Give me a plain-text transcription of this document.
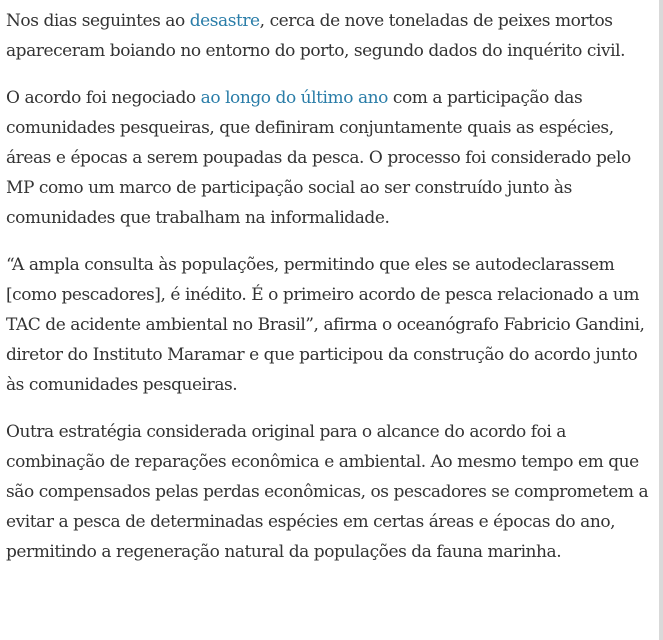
Nos dias seguintes ao desastre, cerca de nove toneladas de peixes mortos apareceram boiando no entorno do porto, segundo dados do inquérito civil.

O acordo foi negociado ao longo do último ano com a participação das comunidades pesqueiras, que definiram conjuntamente quais as espécies, áreas e épocas a serem poupadas da pesca. O processo foi considerado pelo MP como um marco de participação social ao ser construído junto às comunidades que trabalham na informalidade.

“A ampla consulta às populações, permitindo que eles se autodeclarassem [como pescadores], é inédito. É o primeiro acordo de pesca relacionado a um TAC de acidente ambiental no Brasil”, afirma o oceanógrafo Fabricio Gandini, diretor do Instituto Maramar e que participou da construção do acordo junto às comunidades pesqueiras.

Outra estratégia considerada original para o alcance do acordo foi a combinação de reparações econômica e ambiental. Ao mesmo tempo em que são compensados pelas perdas econômicas, os pescadores se comprometem a evitar a pesca de determinadas espécies em certas áreas e épocas do ano, permitindo a regeneração natural da populações da fauna marinha.
